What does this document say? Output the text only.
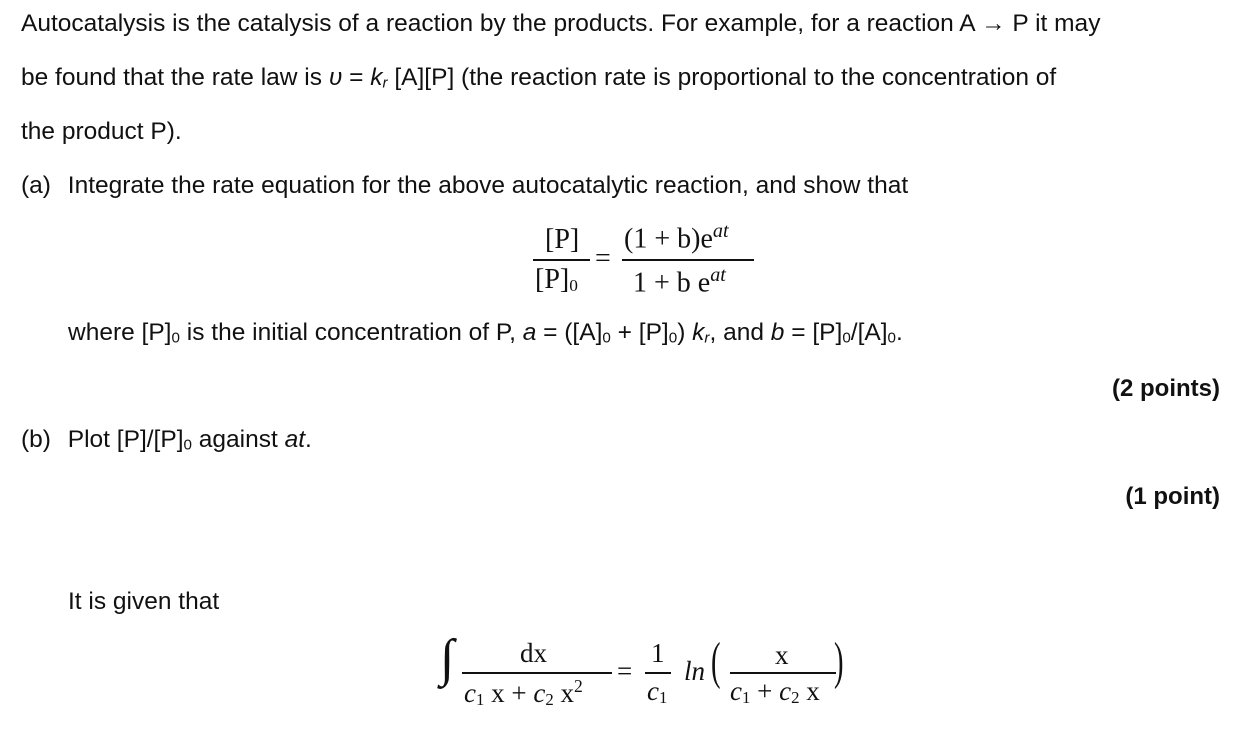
Autocatalysis is the catalysis of a reaction by the products. For example, for a reaction A → P it may
be found that the rate law is ʋ = kr [A][P] (the reaction rate is proportional to the concentration of
the product P).
(a) Integrate the rate equation for the above autocatalytic reaction, and show that
[P]
[P]0
=
$(1 + b)e^{at}$
1 + b $e^{at}$
where [P]0 is the initial concentration of P, a = ([A]0 + [P]0) kr, and b = [P]0/[A]0.
(2 points)
(b) Plot [P]/[P]0 against at.
(1 point)
It is given that
∫ dx
c1 x + c2 $x^2$ =
1
c1
ln ( x
c1 + c2 x
)
